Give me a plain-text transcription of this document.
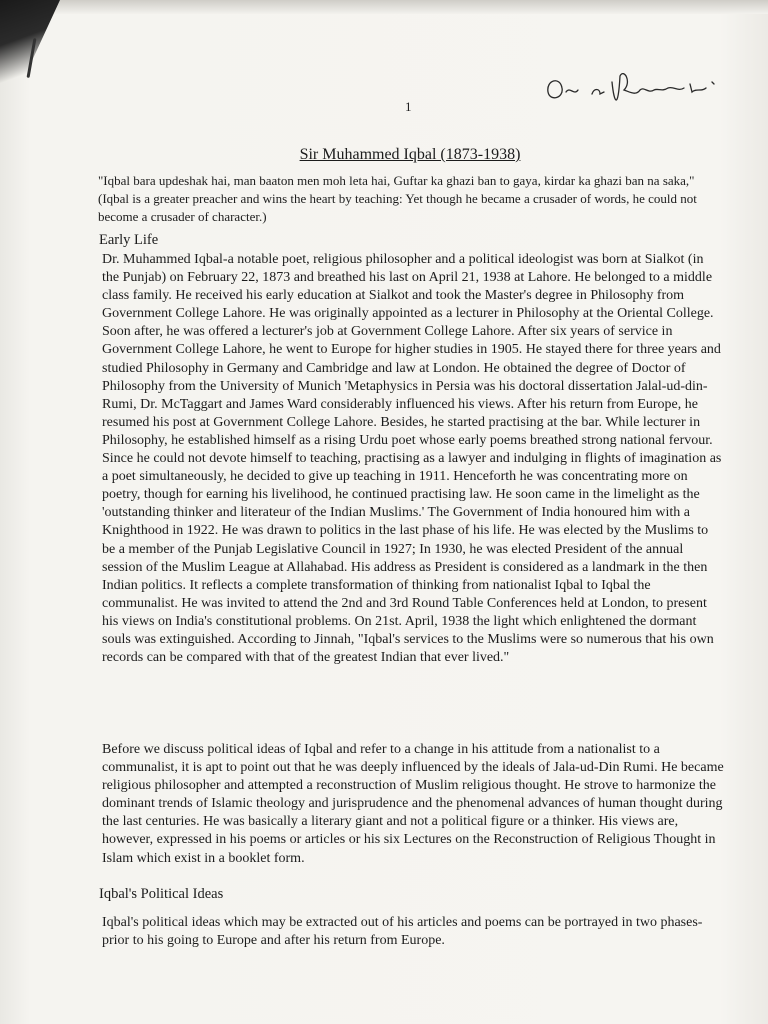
1
Sir Muhammed Iqbal (1873-1938)
"Iqbal bara updeshak hai, man baaton men moh leta hai, Guftar ka ghazi ban to gaya, kirdar ka ghazi ban na saka," (Iqbal is a greater preacher and wins the heart by teaching: Yet though he became a crusader of words, he could not become a crusader of character.)
Early Life
Dr. Muhammed Iqbal-a notable poet, religious philosopher and a political ideologist was born at Sialkot (in the Punjab) on February 22, 1873 and breathed his last on April 21, 1938 at Lahore. He belonged to a middle class family. He received his early education at Sialkot and took the Master's degree in Philosophy from Government College Lahore. He was originally appointed as a lecturer in Philosophy at the Oriental College. Soon after, he was offered a lecturer's job at Government College Lahore. After six years of service in Government College Lahore, he went to Europe for higher studies in 1905. He stayed there for three years and studied Philosophy in Germany and Cambridge and law at London. He obtained the degree of Doctor of Philosophy from the University of Munich 'Metaphysics in Persia was his doctoral dissertation Jalal-ud-din-Rumi, Dr. McTaggart and James Ward considerably influenced his views. After his return from Europe, he resumed his post at Government College Lahore. Besides, he started practising at the bar. While lecturer in Philosophy, he established himself as a rising Urdu poet whose early poems breathed strong national fervour. Since he could not devote himself to teaching, practising as a lawyer and indulging in flights of imagination as a poet simultaneously, he decided to give up teaching in 1911. Henceforth he was concentrating more on poetry, though for earning his livelihood, he continued practising law. He soon came in the limelight as the 'outstanding thinker and literateur of the Indian Muslims.' The Government of India honoured him with a Knighthood in 1922. He was drawn to politics in the last phase of his life. He was elected by the Muslims to be a member of the Punjab Legislative Council in 1927; In 1930, he was elected President of the annual session of the Muslim League at Allahabad. His address as President is considered as a landmark in the then Indian politics. It reflects a complete transformation of thinking from nationalist Iqbal to Iqbal the communalist. He was invited to attend the 2nd and 3rd Round Table Conferences held at London, to present his views on India's constitutional problems. On 21st. April, 1938 the light which enlightened the dormant souls was extinguished. According to Jinnah, "Iqbal's services to the Muslims were so numerous that his own records can be compared with that of the greatest Indian that ever lived."
Before we discuss political ideas of Iqbal and refer to a change in his attitude from a nationalist to a communalist, it is apt to point out that he was deeply influenced by the ideals of Jala-ud-Din Rumi. He became religious philosopher and attempted a reconstruction of Muslim religious thought. He strove to harmonize the dominant trends of Islamic theology and jurisprudence and the phenomenal advances of human thought during the last centuries. He was basically a literary giant and not a political figure or a thinker. His views are, however, expressed in his poems or articles or his six Lectures on the Reconstruction of Religious Thought in Islam which exist in a booklet form.
Iqbal's Political Ideas
Iqbal's political ideas which may be extracted out of his articles and poems can be portrayed in two phases-prior to his going to Europe and after his return from Europe.
